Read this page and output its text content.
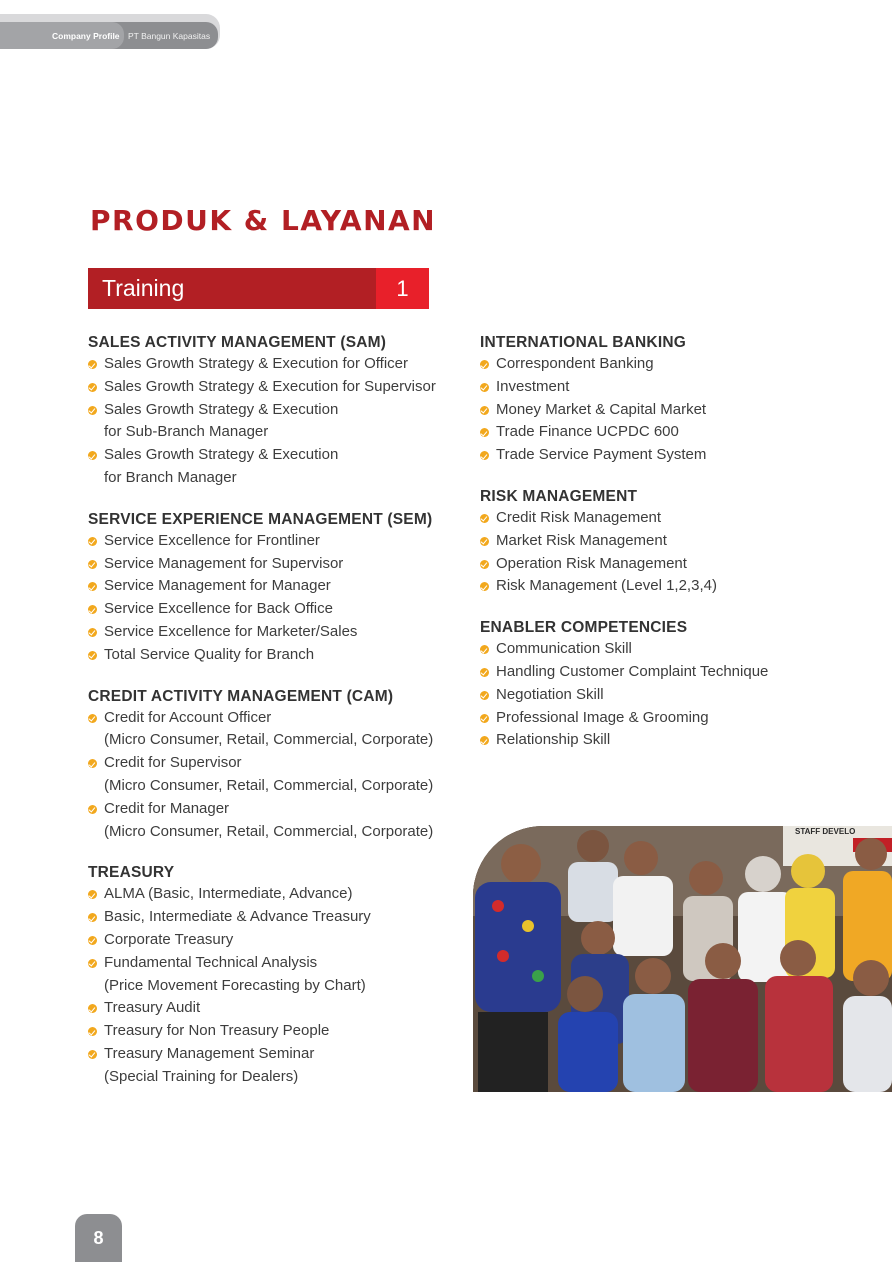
Company Profile PT Bangun Kapasitas
PRODUK & LAYANAN
Training	1
SALES ACTIVITY MANAGEMENT (SAM)
Sales Growth Strategy & Execution for Officer
Sales Growth Strategy & Execution for Supervisor
Sales Growth Strategy & Execution
for Sub-Branch Manager
Sales Growth Strategy & Execution
for Branch Manager
SERVICE EXPERIENCE MANAGEMENT (SEM)
Service Excellence for Frontliner
Service Management for Supervisor
Service Management for Manager
Service Excellence for Back Office
Service Excellence for Marketer/Sales
Total Service Quality for Branch
CREDIT ACTIVITY MANAGEMENT (CAM)
Credit for Account Officer
(Micro Consumer, Retail, Commercial, Corporate)
Credit for Supervisor
(Micro Consumer, Retail, Commercial, Corporate)
Credit for Manager
(Micro Consumer, Retail, Commercial, Corporate)
TREASURY
ALMA (Basic, Intermediate, Advance)
Basic, Intermediate & Advance Treasury
Corporate Treasury
Fundamental Technical Analysis
(Price Movement Forecasting by Chart)
Treasury Audit
Treasury for Non Treasury People
Treasury Management Seminar
(Special Training for Dealers)
INTERNATIONAL BANKING
Correspondent Banking
Investment
Money Market & Capital Market
Trade Finance UCPDC 600
Trade Service Payment System
RISK MANAGEMENT
Credit Risk Management
Market Risk Management
Operation Risk Management
Risk Management (Level 1,2,3,4)
ENABLER COMPETENCIES
Communication Skill
Handling Customer Complaint Technique
Negotiation Skill
Professional Image & Grooming
Relationship Skill
STAFF DEVELO
8
